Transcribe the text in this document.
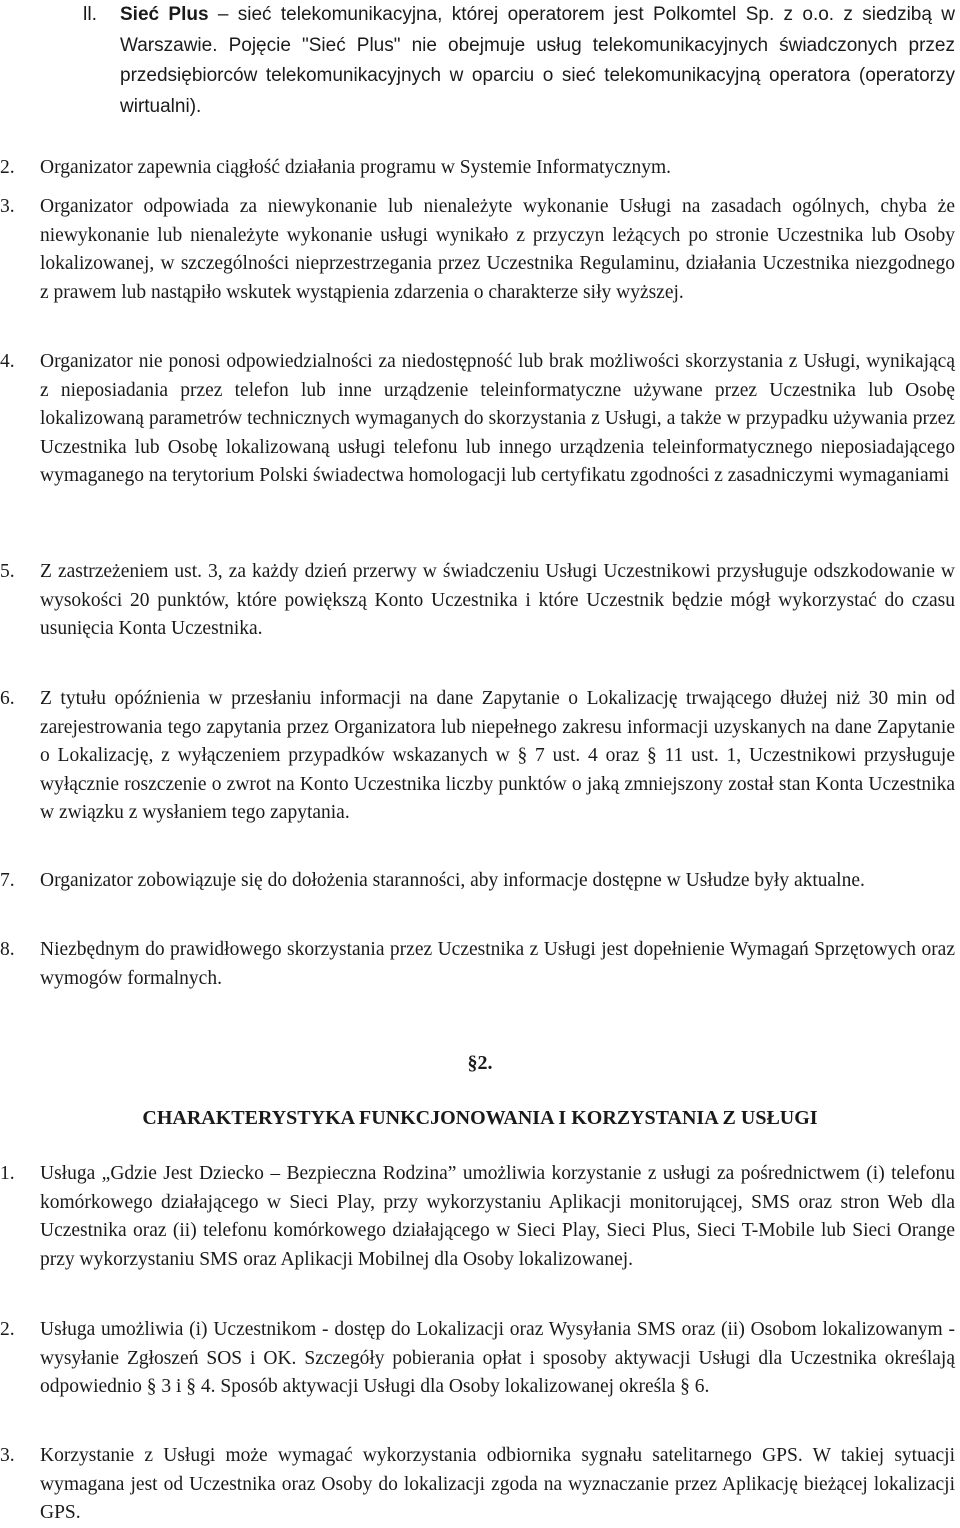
ll.	Sieć Plus – sieć telekomunikacyjna, której operatorem jest Polkomtel Sp. z o.o. z siedzibą w Warszawie. Pojęcie "Sieć Plus" nie obejmuje usług telekomunikacyjnych świadczonych przez przedsiębiorców telekomunikacyjnych w oparciu o sieć telekomunikacyjną operatora (operatorzy wirtualni).
2.	Organizator zapewnia ciągłość działania programu w Systemie Informatycznym.
3.	Organizator odpowiada za niewykonanie lub nienależyte wykonanie Usługi na zasadach ogólnych, chyba że niewykonanie lub nienależyte wykonanie usługi wynikało z przyczyn leżących po stronie Uczestnika lub Osoby lokalizowanej, w szczególności nieprzestrzegania przez Uczestnika Regulaminu, działania Uczestnika niezgodnego z prawem lub nastąpiło wskutek wystąpienia zdarzenia o charakterze siły wyższej.
4.	Organizator nie ponosi odpowiedzialności za niedostępność lub brak możliwości skorzystania z Usługi, wynikającą z nieposiadania przez telefon lub inne urządzenie teleinformatyczne używane przez Uczestnika lub Osobę lokalizowaną parametrów technicznych wymaganych do skorzystania z Usługi, a także w przypadku używania przez Uczestnika lub Osobę lokalizowaną usługi telefonu lub innego urządzenia teleinformatycznego nieposiadającego wymaganego na terytorium Polski świadectwa homologacji lub certyfikatu zgodności z zasadniczymi wymaganiami
5.	Z zastrzeżeniem ust. 3, za każdy dzień przerwy w świadczeniu Usługi Uczestnikowi przysługuje odszkodowanie w wysokości 20 punktów, które powiększą Konto Uczestnika i które Uczestnik będzie mógł wykorzystać do czasu usunięcia Konta Uczestnika.
6.	Z tytułu opóźnienia w przesłaniu informacji na dane Zapytanie o Lokalizację trwającego dłużej niż 30 min od zarejestrowania tego zapytania przez Organizatora lub niepełnego zakresu informacji uzyskanych na dane Zapytanie o Lokalizację, z wyłączeniem przypadków wskazanych w § 7 ust. 4 oraz § 11 ust. 1, Uczestnikowi przysługuje wyłącznie roszczenie o zwrot na Konto Uczestnika liczby punktów o jaką zmniejszony został stan Konta Uczestnika w związku z wysłaniem tego zapytania.
7.	Organizator zobowiązuje się do dołożenia staranności, aby informacje dostępne w Usłudze były aktualne.
8.	Niezbędnym do prawidłowego skorzystania przez Uczestnika z Usługi jest dopełnienie Wymagań Sprzętowych oraz wymogów formalnych.
§2.
CHARAKTERYSTYKA FUNKCJONOWANIA I KORZYSTANIA Z USŁUGI
1.	Usługa „Gdzie Jest Dziecko – Bezpieczna Rodzina” umożliwia korzystanie z usługi za pośrednictwem (i) telefonu komórkowego działającego w Sieci Play, przy wykorzystaniu Aplikacji monitorującej, SMS oraz stron Web dla Uczestnika oraz (ii) telefonu komórkowego działającego w Sieci Play, Sieci Plus, Sieci T-Mobile lub Sieci Orange przy wykorzystaniu SMS oraz Aplikacji Mobilnej dla Osoby lokalizowanej.
2.	Usługa umożliwia (i) Uczestnikom - dostęp do Lokalizacji oraz Wysyłania SMS oraz (ii) Osobom lokalizowanym - wysyłanie Zgłoszeń SOS i OK. Szczegóły pobierania opłat i sposoby aktywacji Usługi dla Uczestnika określają odpowiednio § 3 i § 4. Sposób aktywacji Usługi dla Osoby lokalizowanej określa § 6.
3.	Korzystanie z Usługi może wymagać wykorzystania odbiornika sygnału satelitarnego GPS. W takiej sytuacji wymagana jest od Uczestnika oraz Osoby do lokalizacji zgoda na wyznaczanie przez Aplikację bieżącej lokalizacji GPS.
